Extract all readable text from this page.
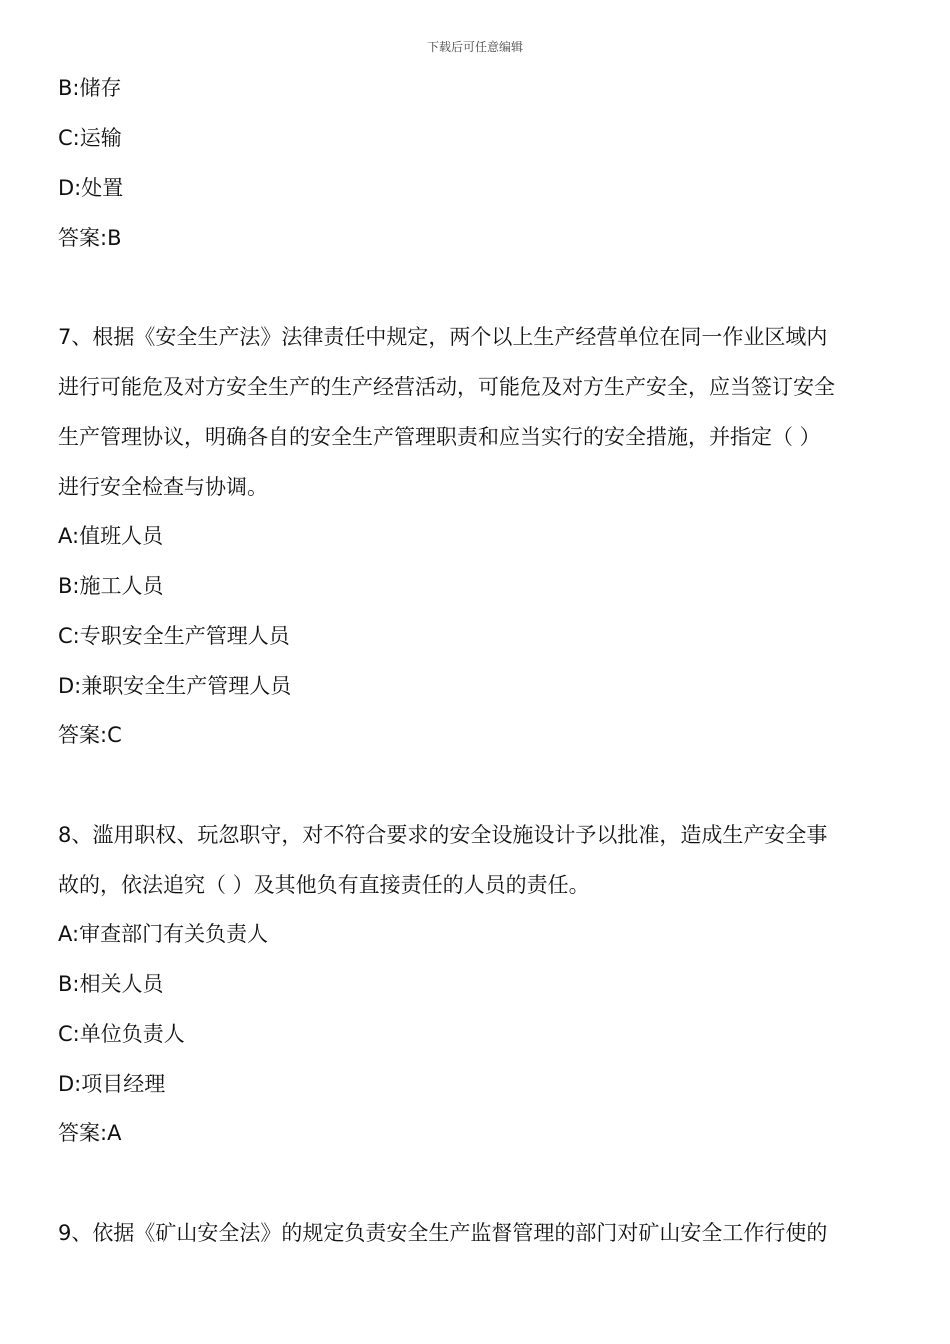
下载后可任意编辑
B:储存
C:运输
D:处置
答案:B
7、根据《安全生产法》法律责任中规定，两个以上生产经营单位在同一作业区域内
进行可能危及对方安全生产的生产经营活动，可能危及对方生产安全，应当签订安全
生产管理协议，明确各自的安全生产管理职责和应当实行的安全措施，并指定（ ）
进行安全检查与协调。
A:值班人员
B:施工人员
C:专职安全生产管理人员
D:兼职安全生产管理人员
答案:C
8、滥用职权、玩忽职守，对不符合要求的安全设施设计予以批准，造成生产安全事
故的，依法追究（ ）及其他负有直接责任的人员的责任。
A:审查部门有关负责人
B:相关人员
C:单位负责人
D:项目经理
答案:A
9、依据《矿山安全法》的规定负责安全生产监督管理的部门对矿山安全工作行使的
